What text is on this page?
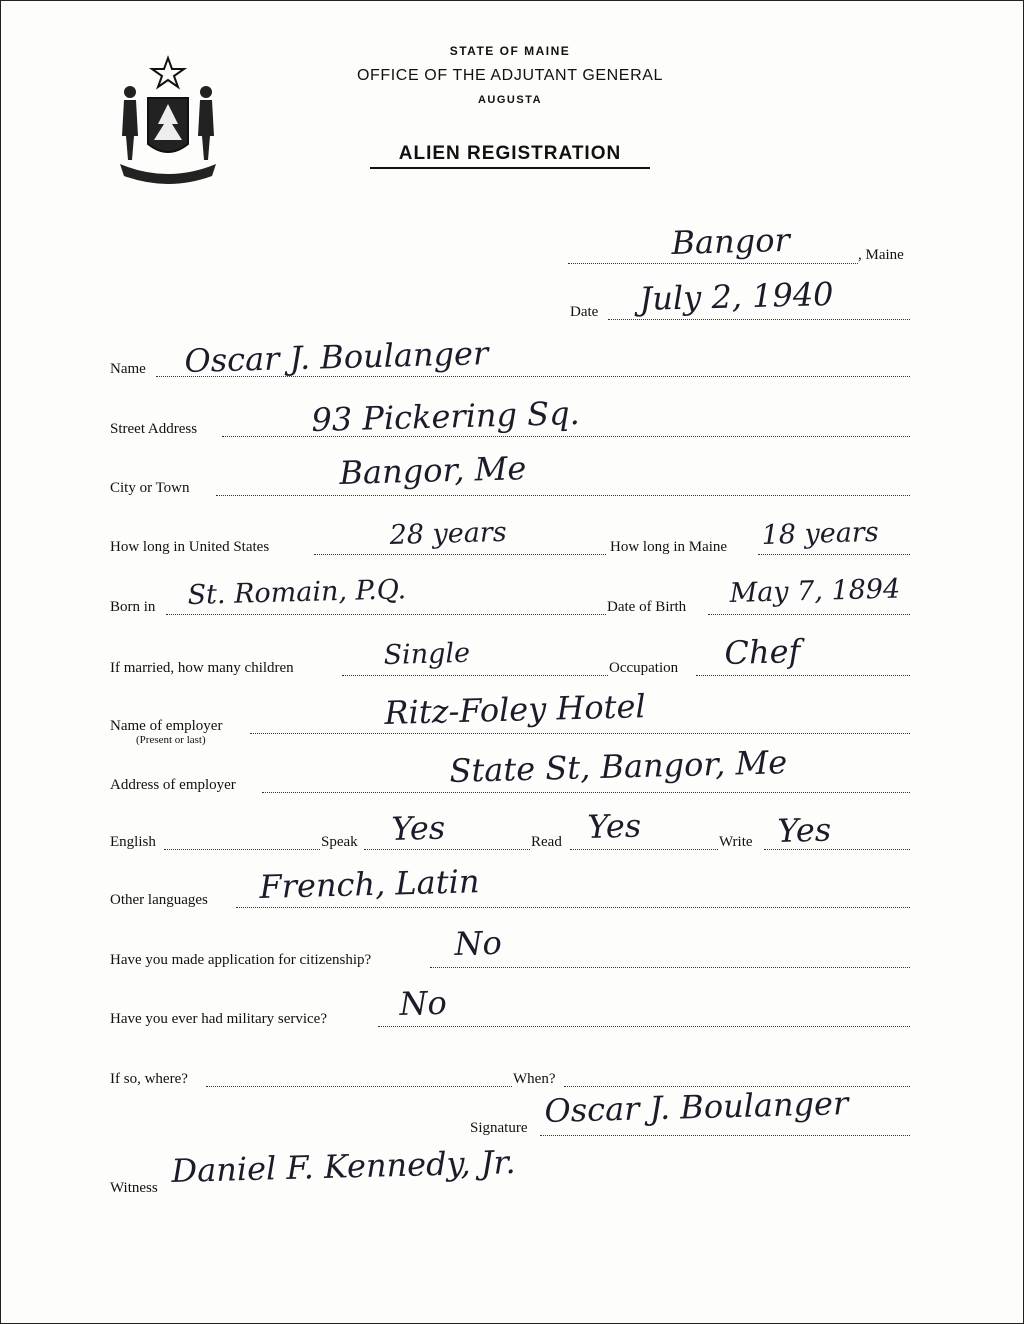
STATE OF MAINE
OFFICE OF THE ADJUTANT GENERAL
AUGUSTA
ALIEN REGISTRATION
Bangor	, Maine
Date July 2, 1940
Name Oscar J. Boulanger
Street Address	93 Pickering Sq.
City or Town	Bangor, Me
How long in United States	28 years	How long in Maine 18 years
Born in St. Romain, P.Q.	Date of Birth May 7, 1894
If married, how many children	Single	Occupation Chef
Name of employer
(Present or last)
Ritz-Foley Hotel
Address of employer	State St, Bangor, Me
English	Speak Yes	Read Yes	Write Yes
Other languages French, Latin
Have you made application for citizenship?	No
Have you ever had military service? No
If so, where?	When?
Signature Oscar J. Boulanger
Witness Daniel F. Kennedy, Jr.
